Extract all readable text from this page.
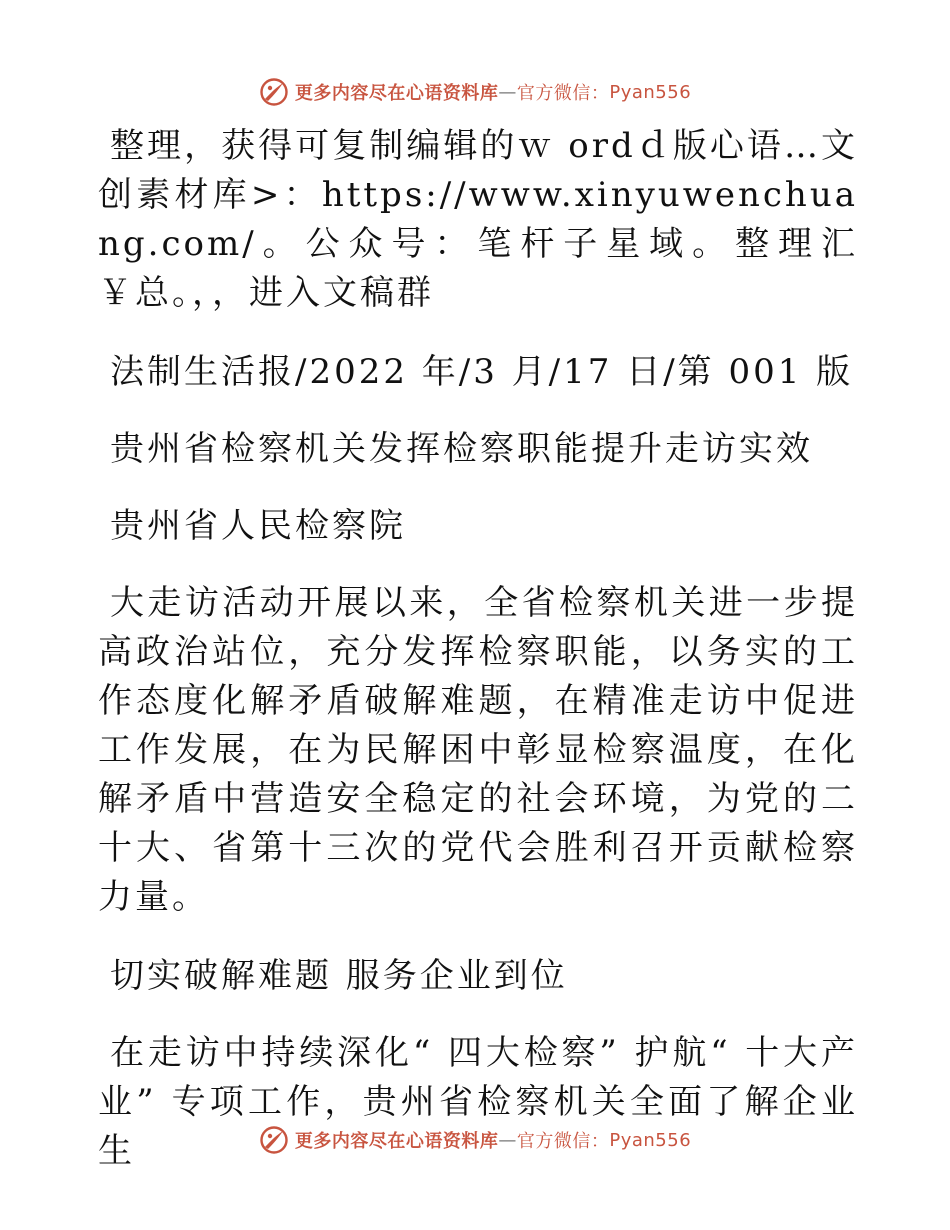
更多内容尽在心语资料库 — 官方微信： Pyan556

整理，获得可复制编辑的ｗ ordｄ版心语…文创素材库>：https://www.xinyuwenchuang.com/。公众号：笔杆子星域。整理汇￥总。，，进入文稿群

法制生活报/2022 年/3 月/17 日/第 001 版

贵州省检察机关发挥检察职能提升走访实效

贵州省人民检察院

大走访活动开展以来，全省检察机关进一步提高政治站位，充分发挥检察职能，以务实的工作态度化解矛盾破解难题，在精准走访中促进工作发展，在为民解困中彰显检察温度，在化解矛盾中营造安全稳定的社会环境，为党的二十大、省第十三次的党代会胜利召开贡献检察力量。

切实破解难题 服务企业到位

在走访中持续深化“ 四大检察” 护航“ 十大产业” 专项工作，贵州省检察机关全面了解企业生	更多内容尽在心语资料库 — 官方微信： Pyan556
